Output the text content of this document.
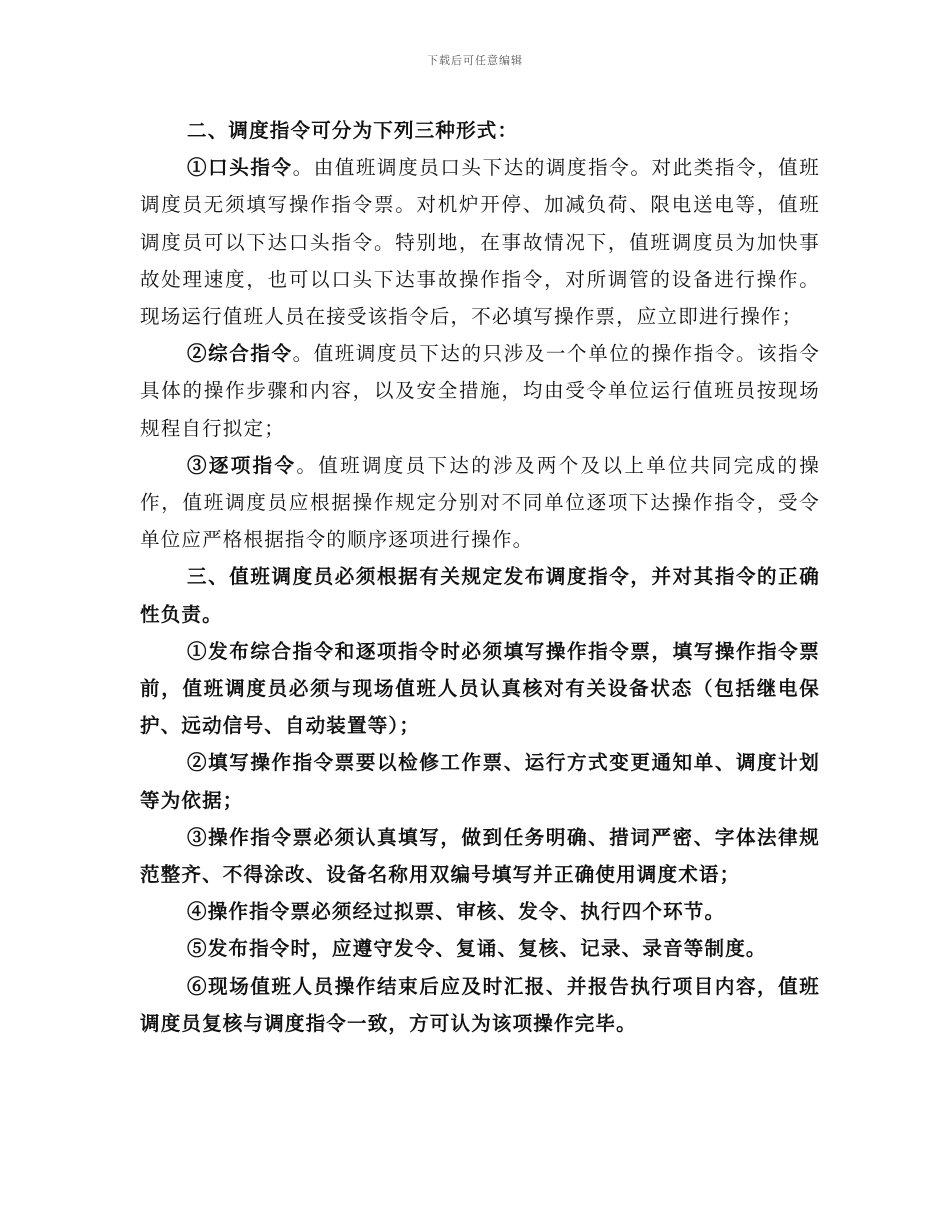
下载后可任意编辑

二、调度指令可分为下列三种形式：

①口头指令。由值班调度员口头下达的调度指令。对此类指令，值班调度员无须填写操作指令票。对机炉开停、加减负荷、限电送电等，值班调度员可以下达口头指令。特别地，在事故情况下，值班调度员为加快事故处理速度，也可以口头下达事故操作指令，对所调管的设备进行操作。现场运行值班人员在接受该指令后，不必填写操作票，应立即进行操作；

②综合指令。值班调度员下达的只涉及一个单位的操作指令。该指令具体的操作步骤和内容，以及安全措施，均由受令单位运行值班员按现场规程自行拟定；

③逐项指令。值班调度员下达的涉及两个及以上单位共同完成的操作，值班调度员应根据操作规定分别对不同单位逐项下达操作指令，受令单位应严格根据指令的顺序逐项进行操作。

三、值班调度员必须根据有关规定发布调度指令，并对其指令的正确性负责。

①发布综合指令和逐项指令时必须填写操作指令票，填写操作指令票前，值班调度员必须与现场值班人员认真核对有关设备状态（包括继电保护、远动信号、自动装置等）；

②填写操作指令票要以检修工作票、运行方式变更通知单、调度计划等为依据；

③操作指令票必须认真填写，做到任务明确、措词严密、字体法律规范整齐、不得涂改、设备名称用双编号填写并正确使用调度术语；

④操作指令票必须经过拟票、审核、发令、执行四个环节。

⑤发布指令时，应遵守发令、复诵、复核、记录、录音等制度。

⑥现场值班人员操作结束后应及时汇报、并报告执行项目内容，值班调度员复核与调度指令一致，方可认为该项操作完毕。
